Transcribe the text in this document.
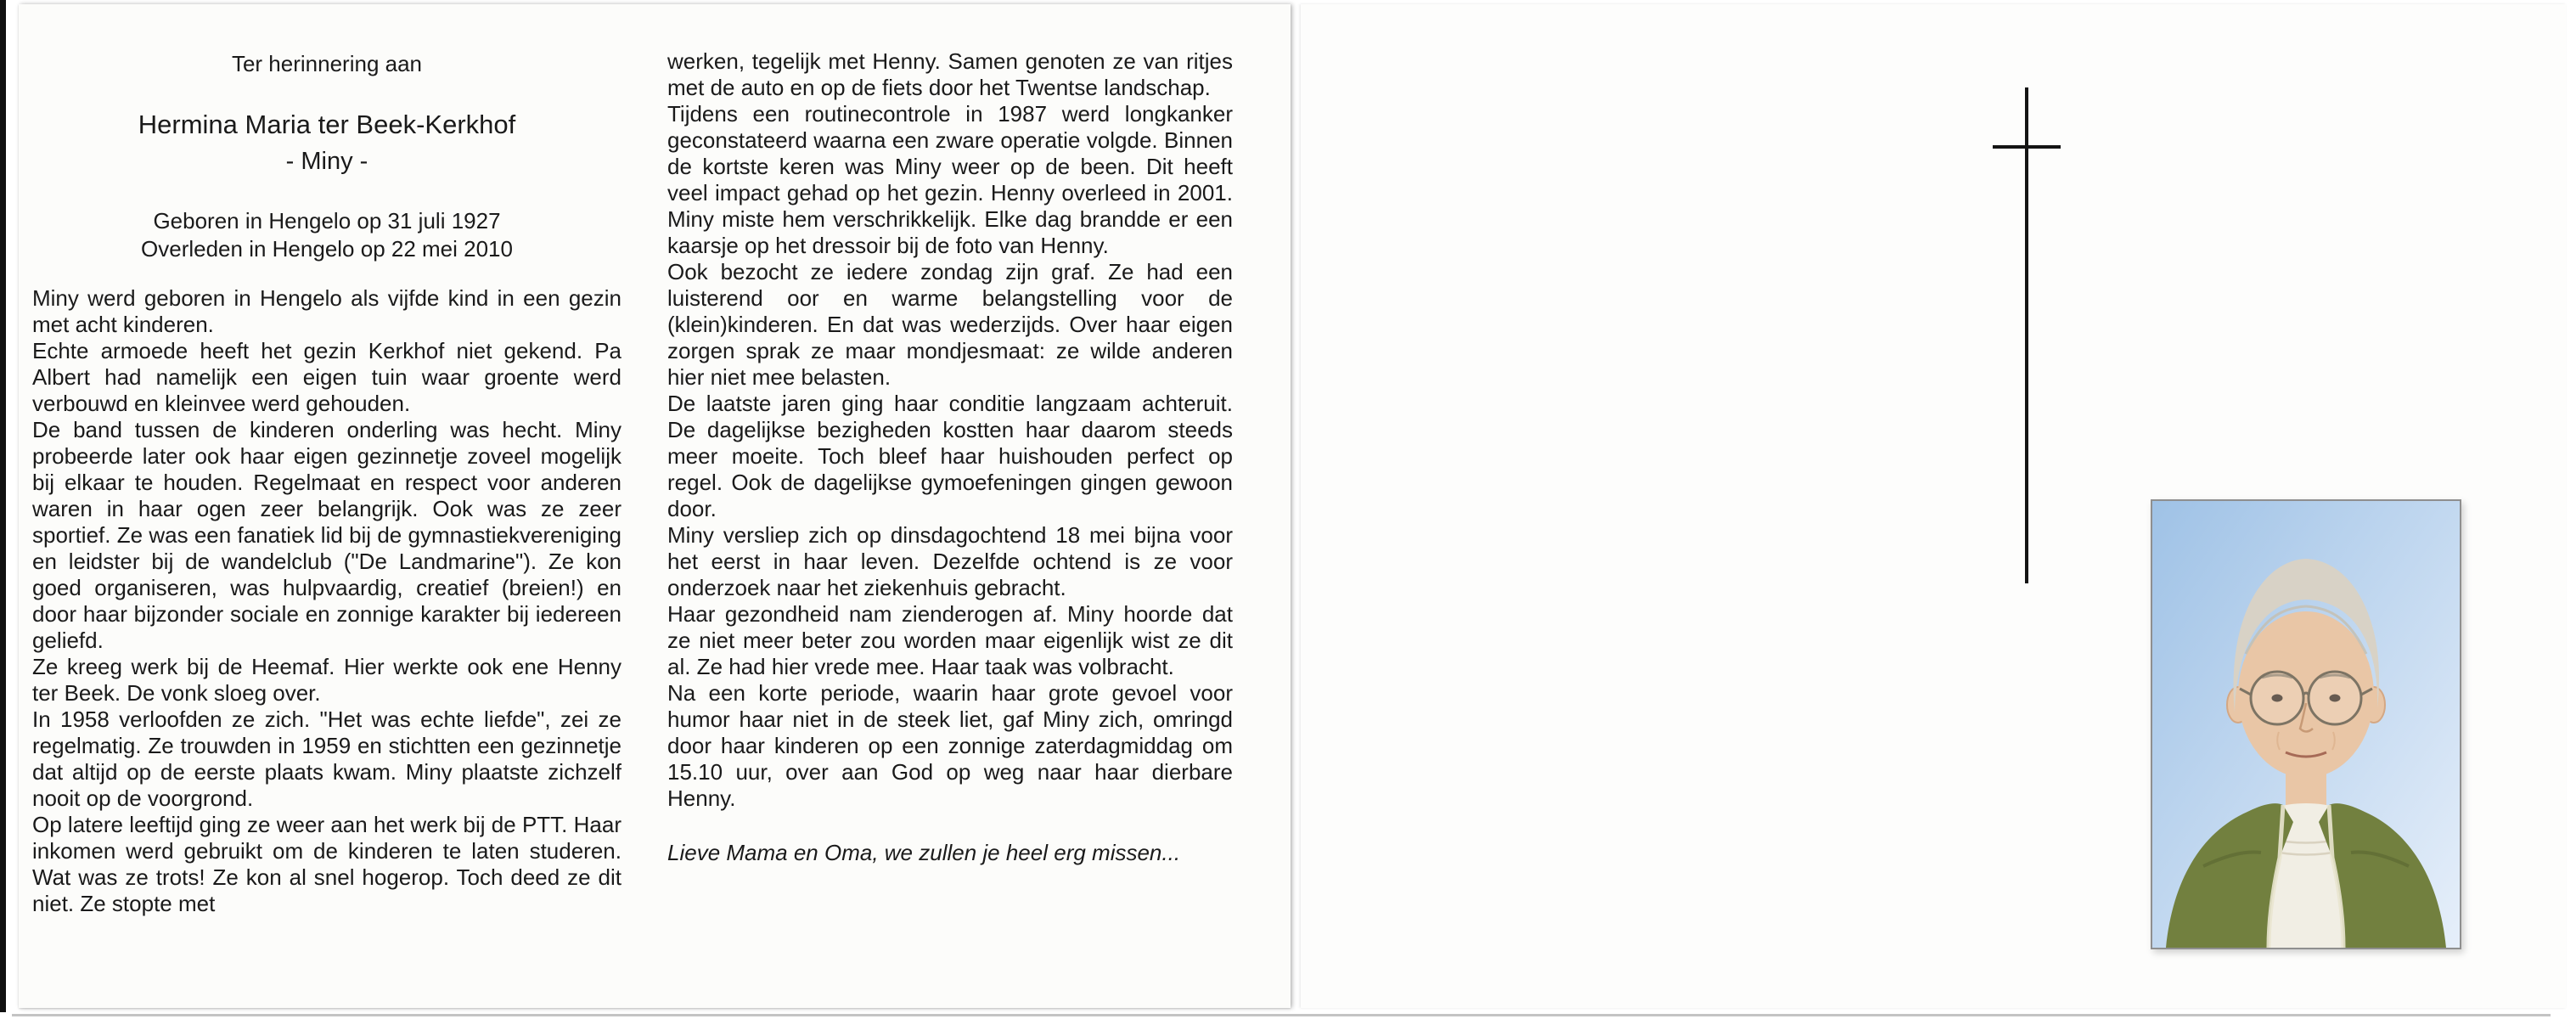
Ter herinnering aan

Hermina Maria ter Beek-Kerkhof

- Miny -

Geboren in Hengelo op 31 juli 1927

Overleden in Hengelo op 22 mei 2010

Miny werd geboren in Hengelo als vijfde kind in een gezin met acht kinderen.

Echte armoede heeft het gezin Kerkhof niet gekend. Pa Albert had namelijk een eigen tuin waar groente werd verbouwd en kleinvee werd gehouden.

De band tussen de kinderen onderling was hecht. Miny probeerde later ook haar eigen gezinnetje zoveel mogelijk bij elkaar te houden. Regelmaat en respect voor anderen waren in haar ogen zeer belangrijk. Ook was ze zeer sportief. Ze was een fanatiek lid bij de gymnastiekvereniging en leidster bij de wandelclub ("De Landmarine"). Ze kon goed organiseren, was hulpvaardig, creatief (breien!) en door haar bijzonder sociale en zonnige karakter bij iedereen geliefd.

Ze kreeg werk bij de Heemaf. Hier werkte ook ene Henny ter Beek. De vonk sloeg over.

In 1958 verloofden ze zich. "Het was echte liefde", zei ze regelmatig. Ze trouwden in 1959 en stichtten een gezinnetje dat altijd op de eerste plaats kwam. Miny plaatste zichzelf nooit op de voorgrond.

Op latere leeftijd ging ze weer aan het werk bij de PTT. Haar inkomen werd gebruikt om de kinderen te laten studeren. Wat was ze trots! Ze kon al snel hogerop. Toch deed ze dit niet. Ze stopte met

werken, tegelijk met Henny. Samen genoten ze van ritjes met de auto en op de fiets door het Twentse landschap.

Tijdens een routinecontrole in 1987 werd longkanker geconstateerd waarna een zware operatie volgde. Binnen de kortste keren was Miny weer op de been. Dit heeft veel impact gehad op het gezin. Henny overleed in 2001. Miny miste hem verschrikkelijk. Elke dag brandde er een kaarsje op het dressoir bij de foto van Henny.

Ook bezocht ze iedere zondag zijn graf. Ze had een luisterend oor en warme belangstelling voor de (klein)kinderen. En dat was wederzijds. Over haar eigen zorgen sprak ze maar mondjesmaat: ze wilde anderen hier niet mee belasten.

De laatste jaren ging haar conditie langzaam achteruit. De dagelijkse bezigheden kostten haar daarom steeds meer moeite. Toch bleef haar huishouden perfect op regel. Ook de dagelijkse gymoefeningen gingen gewoon door.

Miny versliep zich op dinsdagochtend 18 mei bijna voor het eerst in haar leven. Dezelfde ochtend is ze voor onderzoek naar het ziekenhuis gebracht.

Haar gezondheid nam zienderogen af. Miny hoorde dat ze niet meer beter zou worden maar eigenlijk wist ze dit al. Ze had hier vrede mee. Haar taak was volbracht.

Na een korte periode, waarin haar grote gevoel voor humor haar niet in de steek liet, gaf Miny zich, omringd door haar kinderen op een zonnige zaterdagmiddag om 15.10 uur, over aan God op weg naar haar dierbare Henny.

Lieve Mama en Oma, we zullen je heel erg missen...
